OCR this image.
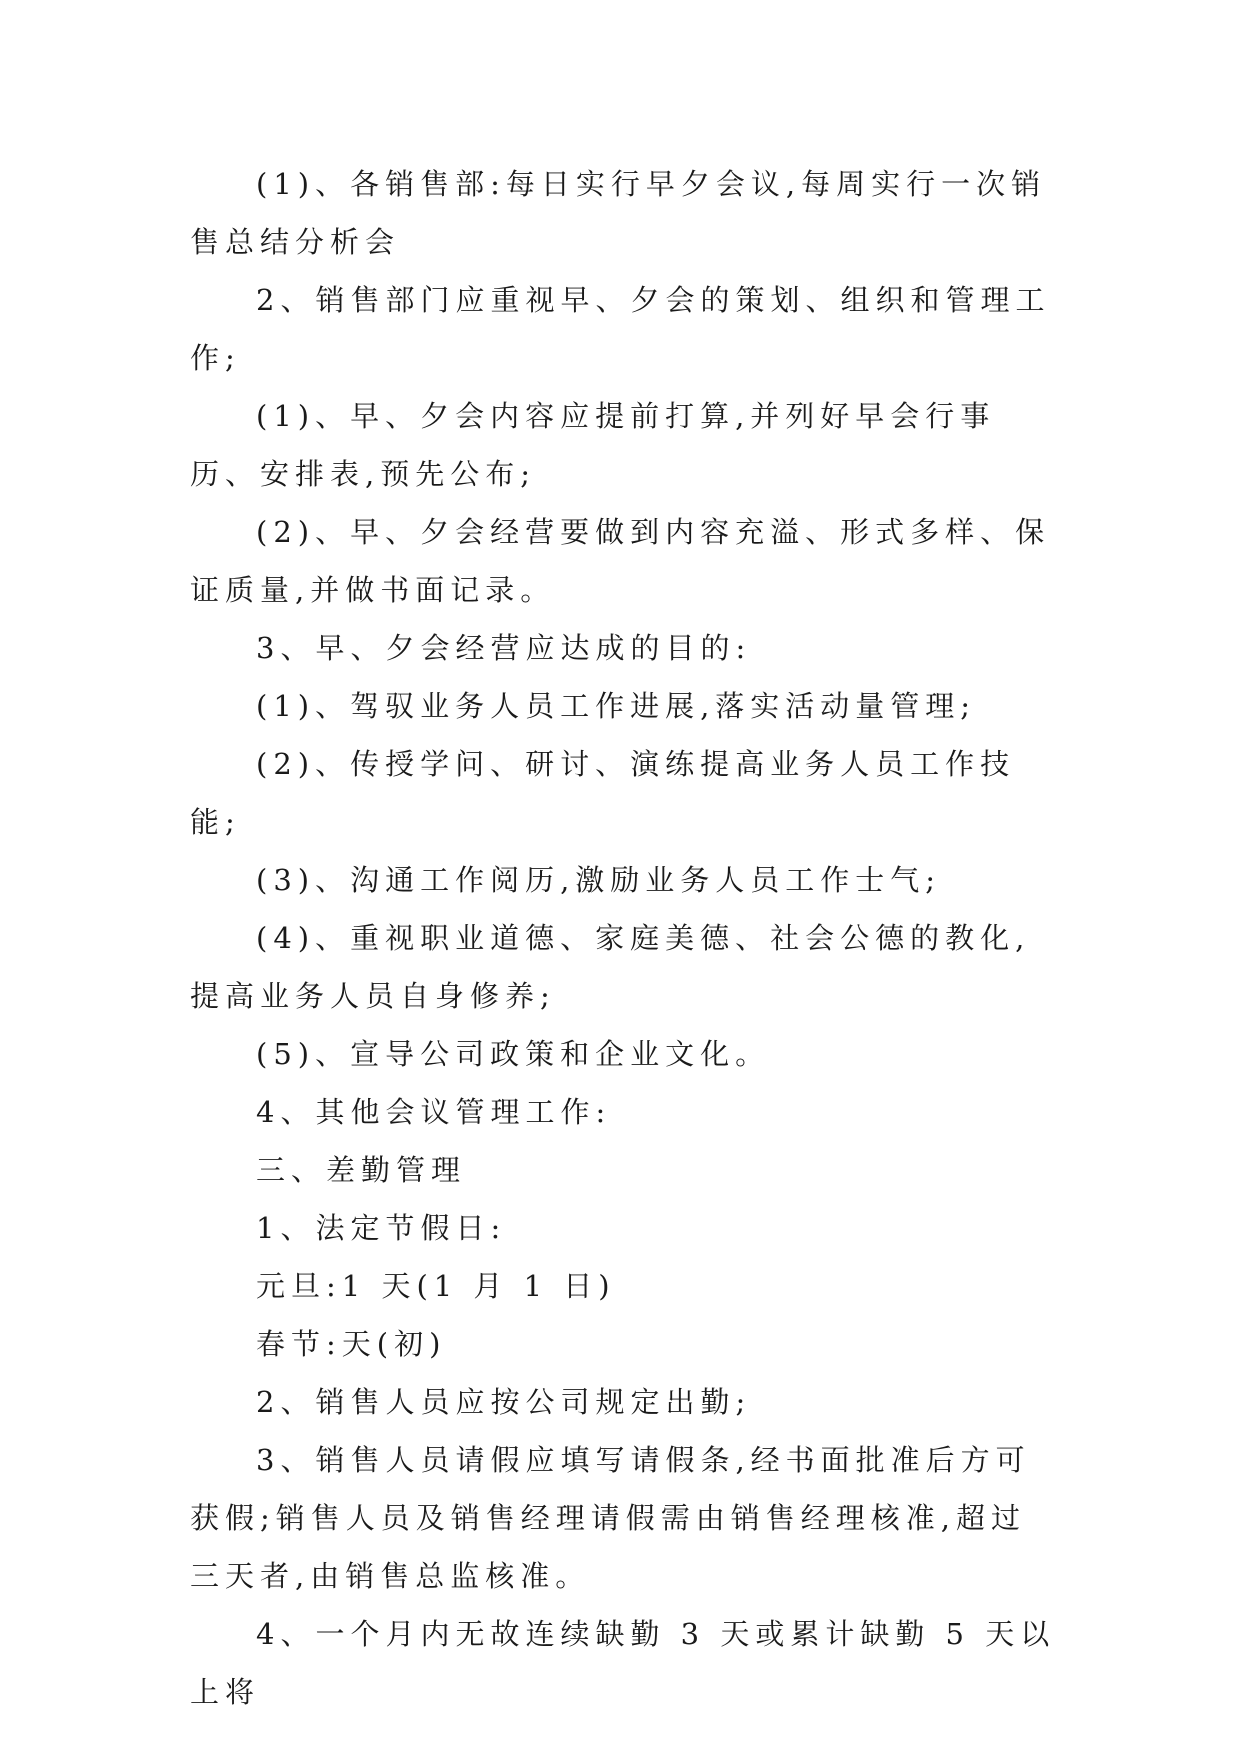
(1)、各销售部:每日实行早夕会议,每周实行一次销售总结分析会

2、销售部门应重视早、夕会的策划、组织和管理工作;

(1)、早、夕会内容应提前打算,并列好早会行事历、安排表,预先公布;

(2)、早、夕会经营要做到内容充溢、形式多样、保证质量,并做书面记录。

3、早、夕会经营应达成的目的:

(1)、驾驭业务人员工作进展,落实活动量管理;

(2)、传授学问、研讨、演练提高业务人员工作技能;

(3)、沟通工作阅历,激励业务人员工作士气;

(4)、重视职业道德、家庭美德、社会公德的教化,提高业务人员自身修养;

(5)、宣导公司政策和企业文化。

4、其他会议管理工作:

三、差勤管理

1、法定节假日:

元旦:1 天(1 月 1 日)

春节:天(初)

2、销售人员应按公司规定出勤;

3、销售人员请假应填写请假条,经书面批准后方可获假;销售人员及销售经理请假需由销售经理核准,超过三天者,由销售总监核准。

4、一个月内无故连续缺勤 3 天或累计缺勤 5 天以上将
